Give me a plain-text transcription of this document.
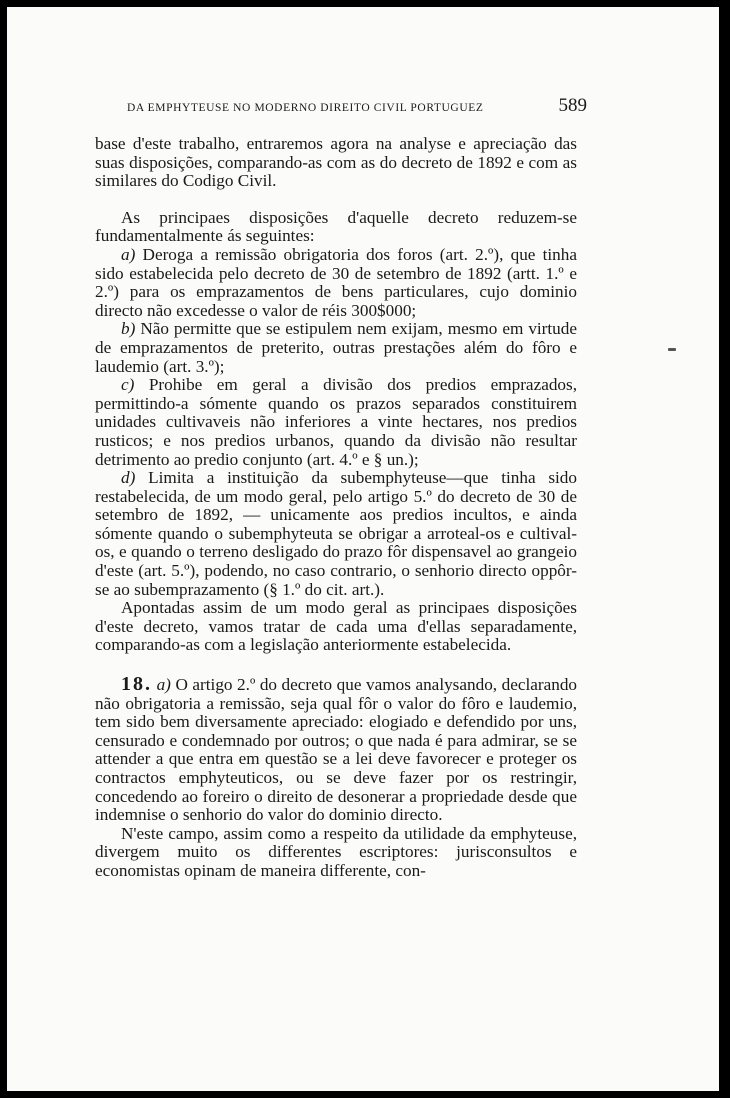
DA EMPHYTEUSE NO MODERNO DIREITO CIVIL PORTUGUEZ	589

base d'este trabalho, entraremos agora na analyse e apreciação das suas disposições, comparando-as com as do decreto de 1892 e com as similares do Codigo Civil.

As principaes disposições d'aquelle decreto reduzem-se fundamentalmente ás seguintes:

a) Deroga a remissão obrigatoria dos foros (art. 2.º), que tinha sido estabelecida pelo decreto de 30 de setembro de 1892 (artt. 1.º e 2.º) para os emprazamentos de bens particulares, cujo dominio directo não excedesse o valor de réis 300$000;

b) Não permitte que se estipulem nem exijam, mesmo em virtude de emprazamentos de preterito, outras prestações além do fôro e laudemio (art. 3.º);

c) Prohibe em geral a divisão dos predios emprazados, permittindo-a sómente quando os prazos separados constituirem unidades cultivaveis não inferiores a vinte hectares, nos predios rusticos; e nos predios urbanos, quando da divisão não resultar detrimento ao predio conjunto (art. 4.º e § un.);

d) Limita a instituição da subemphyteuse—que tinha sido restabelecida, de um modo geral, pelo artigo 5.º do decreto de 30 de setembro de 1892, — unicamente aos predios incultos, e ainda sómente quando o subemphyteuta se obrigar a arroteal-os e cultival-os, e quando o terreno desligado do prazo fôr dispensavel ao grangeio d'este (art. 5.º), podendo, no caso contrario, o senhorio directo oppôr-se ao subemprazamento (§ 1.º do cit. art.).

Apontadas assim de um modo geral as principaes disposições d'este decreto, vamos tratar de cada uma d'ellas separadamente, comparando-as com a legislação anteriormente estabelecida.

18. a) O artigo 2.º do decreto que vamos analysando, declarando não obrigatoria a remissão, seja qual fôr o valor do fôro e laudemio, tem sido bem diversamente apreciado: elogiado e defendido por uns, censurado e condemnado por outros; o que nada é para admirar, se se attender a que entra em questão se a lei deve favorecer e proteger os contractos emphyteuticos, ou se deve fazer por os restringir, concedendo ao foreiro o direito de desonerar a propriedade desde que indemnise o senhorio do valor do dominio directo.

N'este campo, assim como a respeito da utilidade da emphyteuse, divergem muito os differentes escriptores: jurisconsultos e economistas opinam de maneira differente, con-
